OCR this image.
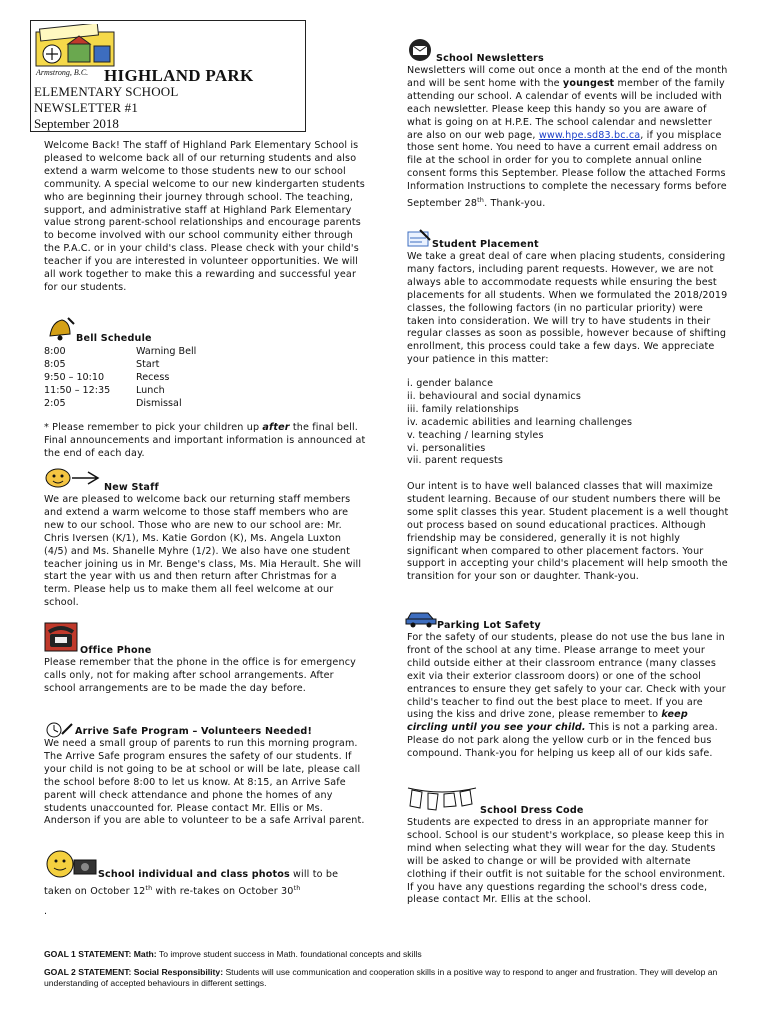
Armstrong, B.C. HIGHLAND PARK
ELEMENTARY SCHOOL
NEWSLETTER #1
September 2018

Welcome Back! The staff of Highland Park Elementary School is pleased to welcome back all of our returning students and also extend a warm welcome to those students new to our school community. A special welcome to our new kindergarten students who are beginning their journey through school. The teaching, support, and administrative staff at Highland Park Elementary value strong parent-school relationships and encourage parents to become involved with our school community either through the P.A.C. or in your child's class. Please check with your child's teacher if you are interested in volunteer opportunities. We will all work together to make this a rewarding and successful year for our students.

Bell Schedule
8:00	Warning Bell
8:05	Start
9:50 – 10:10	Recess
11:50 – 12:35	Lunch
2:05	Dismissal

* Please remember to pick your children up after the final bell. Final announcements and important information is announced at the end of each day.

New Staff

We are pleased to welcome back our returning staff members and extend a warm welcome to those staff members who are new to our school. Those who are new to our school are: Mr. Chris Iversen (K/1), Ms. Katie Gordon (K), Ms. Angela Luxton (4/5) and Ms. Shanelle Myhre (1/2). We also have one student teacher joining us in Mr. Benge's class, Ms. Mia Herault. She will start the year with us and then return after Christmas for a term. Please help us to make them all feel welcome at our school.

Office Phone

Please remember that the phone in the office is for emergency calls only, not for making after school arrangements. After school arrangements are to be made the day before.

Arrive Safe Program – Volunteers Needed!

We need a small group of parents to run this morning program. The Arrive Safe program ensures the safety of our students. If your child is not going to be at school or will be late, please call the school before 8:00 to let us know. At 8:15, an Arrive Safe parent will check attendance and phone the homes of any students unaccounted for. Please contact Mr. Ellis or Ms. Anderson if you are able to volunteer to be a safe Arrival parent.

School individual and class photos will to be taken on October 12th with re-takes on October 30th

.
School Newsletters

Newsletters will come out once a month at the end of the month and will be sent home with the youngest member of the family attending our school. A calendar of events will be included with each newsletter. Please keep this handy so you are aware of what is going on at H.P.E. The school calendar and newsletter are also on our web page, www.hpe.sd83.bc.ca, if you misplace those sent home. You need to have a current email address on file at the school in order for you to complete annual online consent forms this September. Please follow the attached Forms Information Instructions to complete the necessary forms before September 28th. Thank-you.

Student Placement

We take a great deal of care when placing students, considering many factors, including parent requests. However, we are not always able to accommodate requests while ensuring the best placements for all students. When we formulated the 2018/2019 classes, the following factors (in no particular priority) were taken into consideration. We will try to have students in their regular classes as soon as possible, however because of shifting enrollment, this process could take a few days. We appreciate your patience in this matter:

i. gender balance
ii. behavioural and social dynamics
iii. family relationships
iv. academic abilities and learning challenges
v. teaching / learning styles
vi. personalities
vii. parent requests

Our intent is to have well balanced classes that will maximize student learning. Because of our student numbers there will be some split classes this year. Student placement is a well thought out process based on sound educational practices. Although friendship may be considered, generally it is not highly significant when compared to other placement factors. Your support in accepting your child's placement will help smooth the transition for your son or daughter. Thank-you.

Parking Lot Safety

For the safety of our students, please do not use the bus lane in front of the school at any time. Please arrange to meet your child outside either at their classroom entrance (many classes exit via their exterior classroom doors) or one of the school entrances to ensure they get safely to your car. Check with your child's teacher to find out the best place to meet. If you are using the kiss and drive zone, please remember to keep circling until you see your child. This is not a parking area. Please do not park along the yellow curb or in the fenced bus compound. Thank-you for helping us keep all of our kids safe.

School Dress Code

Students are expected to dress in an appropriate manner for school. School is our student's workplace, so please keep this in mind when selecting what they will wear for the day. Students will be asked to change or will be provided with alternate clothing if their outfit is not suitable for the school environment. If you have any questions regarding the school's dress code, please contact Mr. Ellis at the school.

GOAL 1 STATEMENT: Math: To improve student success in Math. foundational concepts and skills

GOAL 2 STATEMENT: Social Responsibility: Students will use communication and cooperation skills in a positive way to respond to anger and frustration. They will develop an understanding of accepted behaviours in different settings.
